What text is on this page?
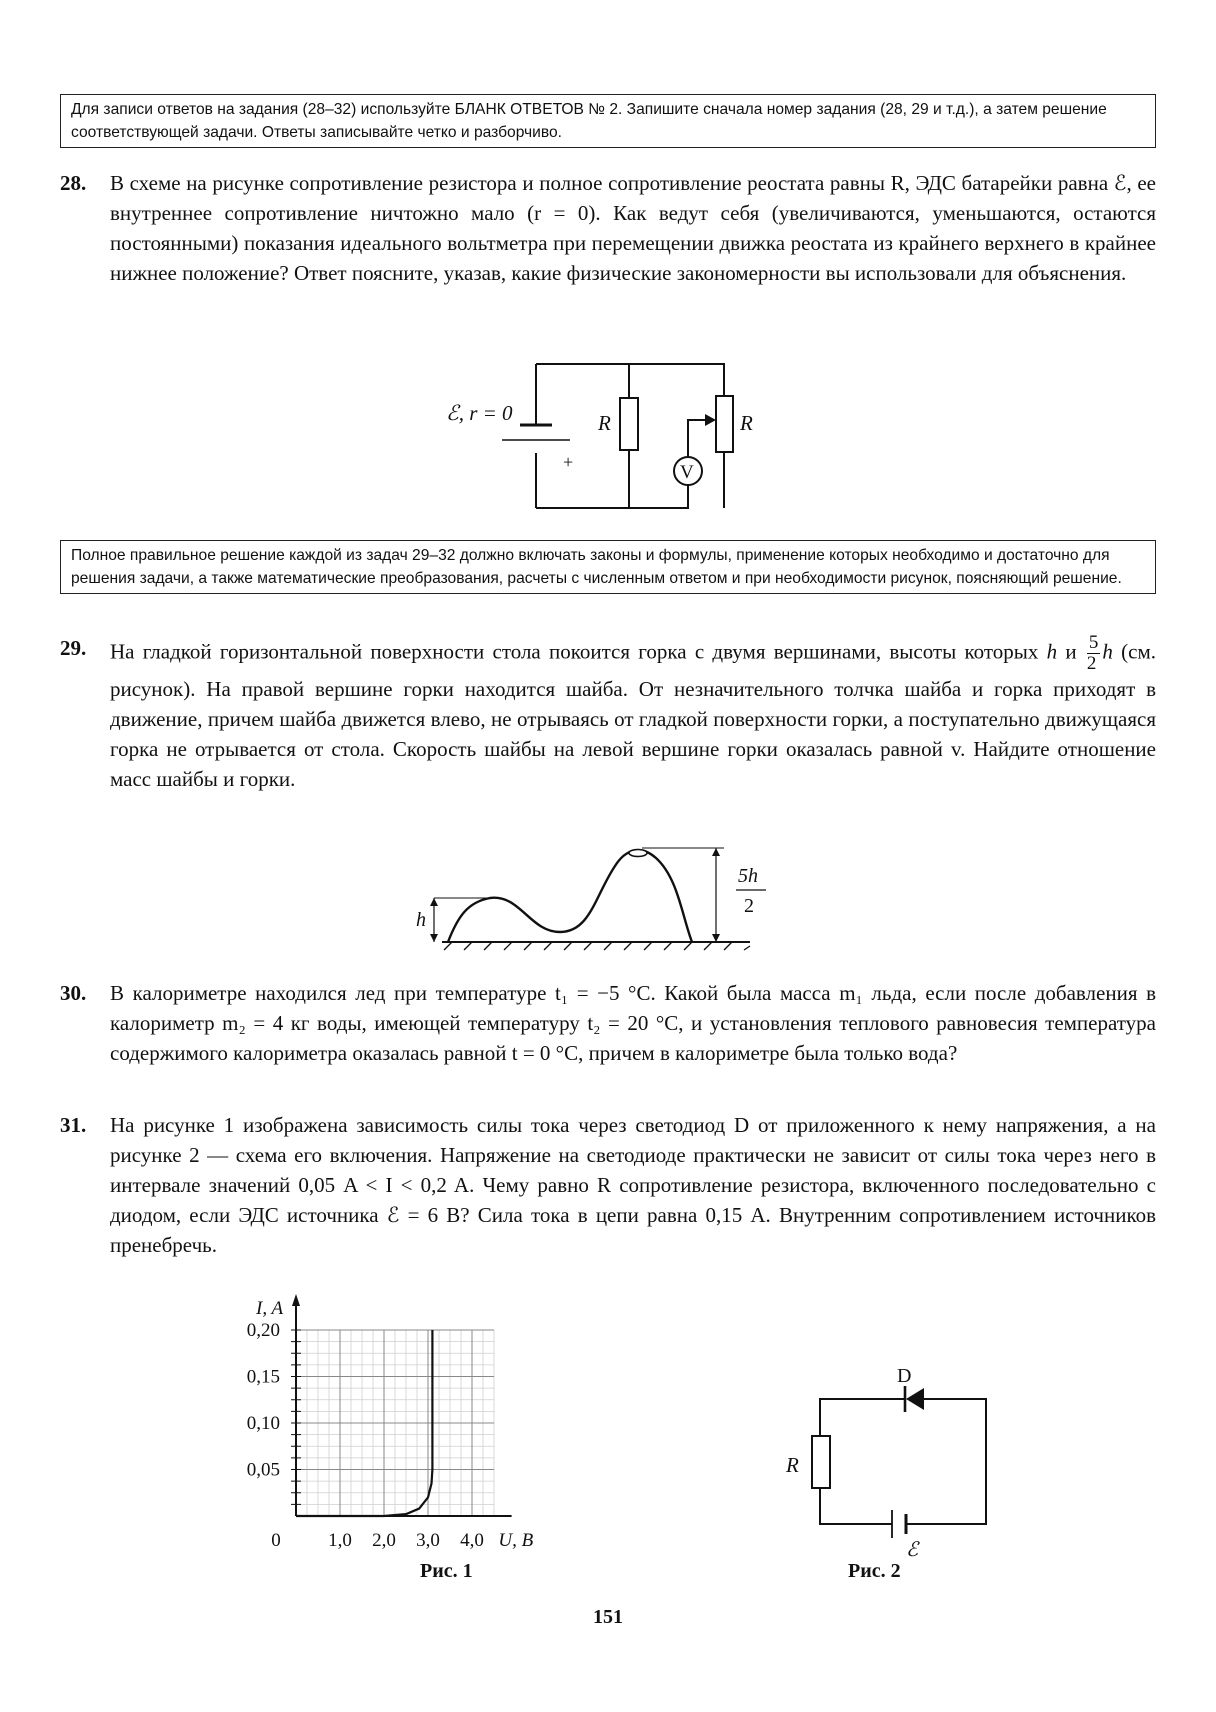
Для записи ответов на задания (28–32) используйте БЛАНК ОТВЕТОВ № 2. Запишите сначала номер задания (28, 29 и т.д.), а затем решение соответствующей задачи. Ответы записывайте четко и разборчиво.
28. В схеме на рисунке сопротивление резистора и полное сопротивление реостата равны R, ЭДС батарейки равна ℰ, ее внутреннее сопротивление ничтожно мало (r = 0). Как ведут себя (увеличиваются, уменьшаются, остаются постоянными) показания идеального вольтметра при перемещении движка реостата из крайнего верхнего в крайнее нижнее положение? Ответ поясните, указав, какие физические закономерности вы использовали для объяснения.
ℰ, r = 0
+
R	R
V
Полное правильное решение каждой из задач 29–32 должно включать законы и формулы, применение которых необходимо и достаточно для решения задачи, а также математические преобразования, расчеты с численным ответом и при необходимости рисунок, поясняющий решение.
29. На гладкой горизонтальной поверхности стола покоится горка с двумя вершинами, высоты которых h и $\frac{5}{2}$ h (см. рисунок). На правой вершине горки находится шайба. От незначительного толчка шайба и горка приходят в движение, причем шайба движется влево, не отрываясь от гладкой поверхности горки, а поступательно движущаяся горка не отрывается от стола. Скорость шайбы на левой вершине горки оказалась равной v. Найдите отношение масс шайбы и горки.
h
5h
2
30. В калориметре находился лед при температуре t₁ = −5 °C. Какой была масса m₁ льда, если после добавления в калориметр m₂ = 4 кг воды, имеющей температуру t₂ = 20 °C, и установления теплового равновесия температура содержимого калориметра оказалась равной t = 0 °C, причем в калориметре была только вода?
31. На рисунке 1 изображена зависимость силы тока через светодиод D от приложенного к нему напряжения, а на рисунке 2 — схема его включения. Напряжение на светодиоде практически не зависит от силы тока через него в интервале значений 0,05 A < I < 0,2 A. Чему равно R сопротивление резистора, включенного последовательно с диодом, если ЭДС источника ℰ = 6 В? Сила тока в цепи равна 0,15 А. Внутренним сопротивлением источников пренебречь.
0,05
0,10
0,15
0,20
0 1,0 2,0 3,0 4,0
I, A
U, B
Рис. 1
D
R
ℰ
Рис. 2
151
